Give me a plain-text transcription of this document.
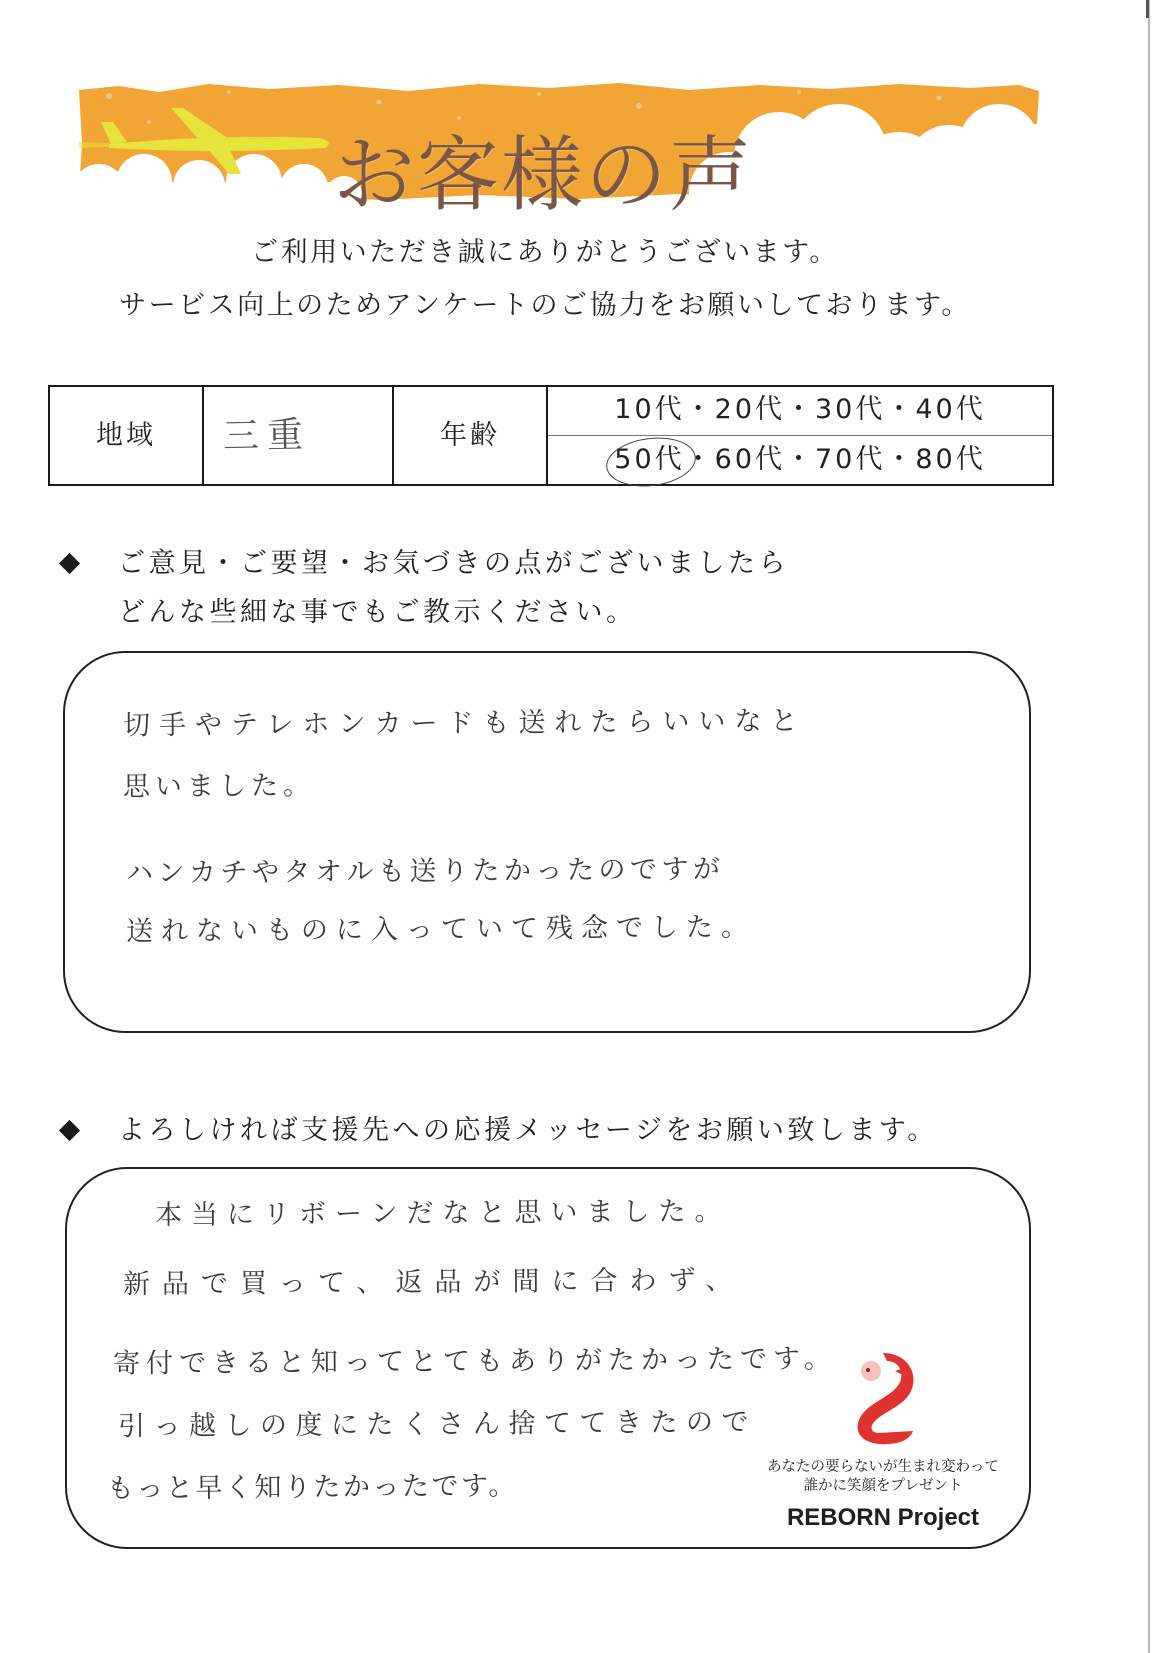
お客様の声
ご利用いただき誠にありがとうございます。
サービス向上のためアンケートのご協力をお願いしております。
地域	三重	年齢
10代・20代・30代・40代
50代
・60代・70代・80代
ご意見・ご要望・お気づきの点がございましたら
どんな些細な事でもご教示ください。
切手やテレホンカードも送れたらいいなと
思いました。
ハンカチやタオルも送りたかったのですが
送れないものに入っていて残念でした。
よろしければ支援先への応援メッセージをお願い致します。
本当にリボーンだなと思いました。
新品で買って、返品が間に合わず、
寄付できると知ってとてもありがたかったです。
引っ越しの度にたくさん捨ててきたので
もっと早く知りたかったです。
あなたの要らないが生まれ変わって
誰かに笑顔をプレゼント
REBORN Project
